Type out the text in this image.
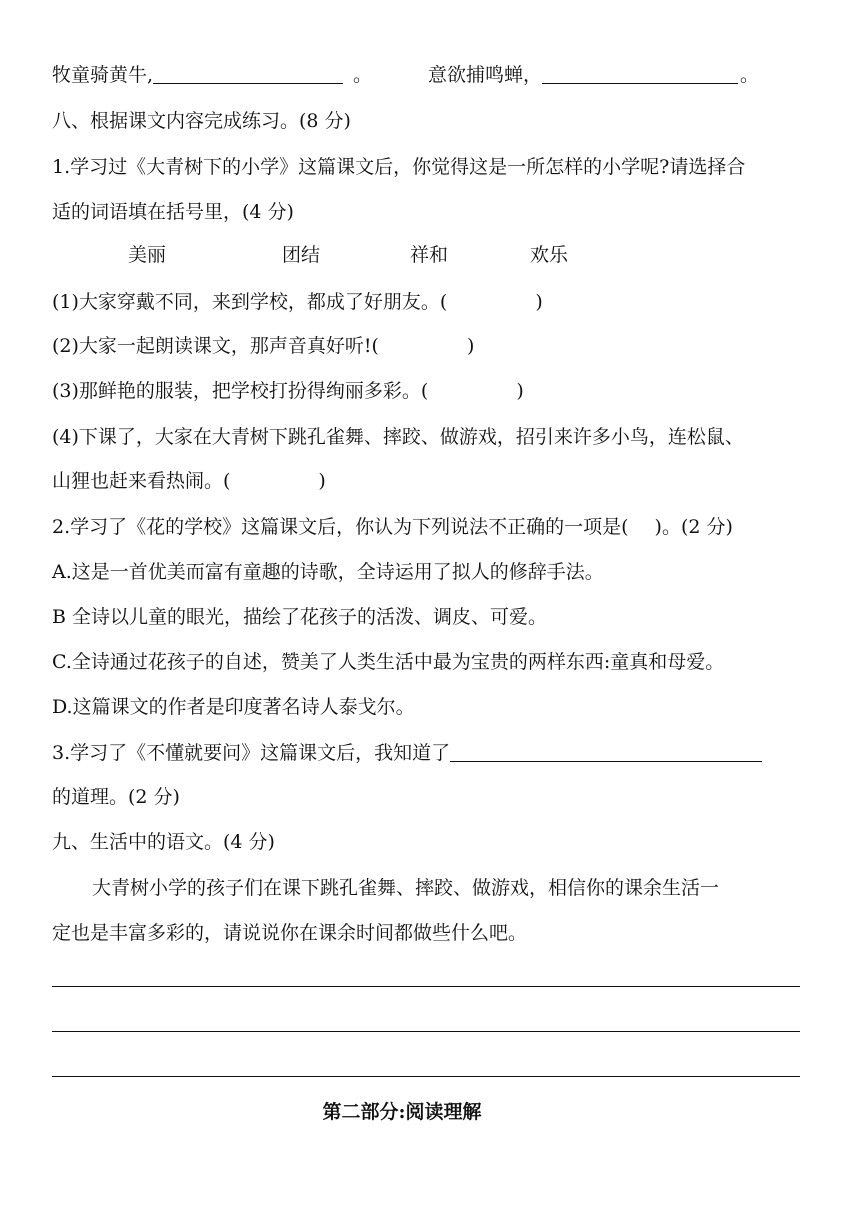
牧童骑黄牛,	。	意欲捕鸣蝉，	。
八、根据课文内容完成练习。(8 分)
1.学习过《大青树下的小学》这篇课文后，你觉得这是一所怎样的小学呢?请选择合
适的词语填在括号里，(4 分)
美丽	团结	祥和	欢乐
(1)大家穿戴不同，来到学校，都成了好朋友。(	)
(2)大家一起朗读课文，那声音真好听!(	)
(3)那鲜艳的服装，把学校打扮得绚丽多彩。(	)
(4)下课了，大家在大青树下跳孔雀舞、摔跤、做游戏，招引来许多小鸟，连松鼠、
山狸也赶来看热闹。(	)
2.学习了《花的学校》这篇课文后，你认为下列说法不正确的一项是( )。(2 分)
A.这是一首优美而富有童趣的诗歌，全诗运用了拟人的修辞手法。
B 全诗以儿童的眼光，描绘了花孩子的活泼、调皮、可爱。
C.全诗通过花孩子的自述，赞美了人类生活中最为宝贵的两样东西:童真和母爱。
D.这篇课文的作者是印度著名诗人泰戈尔。
3.学习了《不懂就要问》这篇课文后，我知道了
的道理。(2 分)
九、生活中的语文。(4 分)
大青树小学的孩子们在课下跳孔雀舞、摔跤、做游戏，相信你的课余生活一
定也是丰富多彩的，请说说你在课余时间都做些什么吧。
第二部分:阅读理解
